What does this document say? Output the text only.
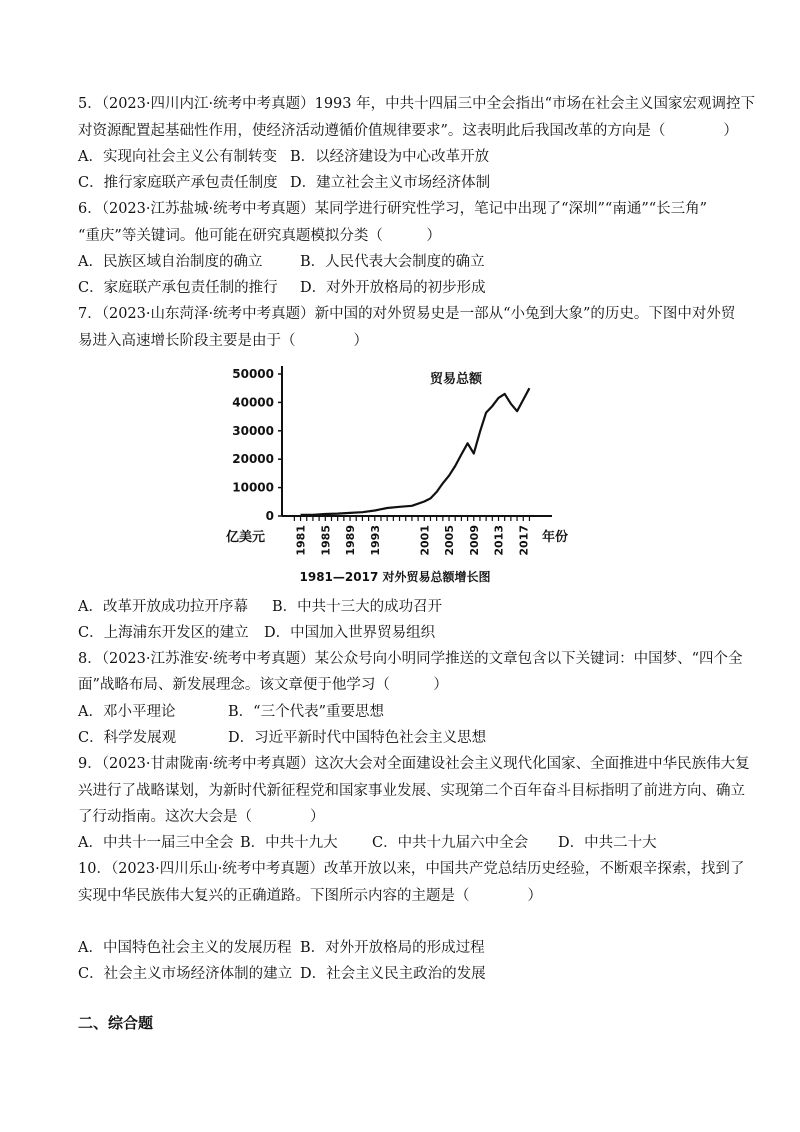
5．（2023·四川内江·统考中考真题）1993 年，中共十四届三中全会指出“市场在社会主义国家宏观调控下
对资源配置起基础性作用，使经济活动遵循价值规律要求”。这表明此后我国改革的方向是（　　　　）
A．实现向社会主义公有制转变 B．以经济建设为中心改革开放
C．推行家庭联产承包责任制度 D．建立社会主义市场经济体制
6．（2023·江苏盐城·统考中考真题）某同学进行研究性学习，笔记中出现了“深圳”“南通”“长三角”
“重庆”等关键词。他可能在研究真题模拟分类（　　　）
A．民族区域自治制度的确立	B．人民代表大会制度的确立
C．家庭联产承包责任制的推行 D．对外开放格局的初步形成
7．（2023·山东菏泽·统考中考真题）新中国的对外贸易史是一部从“小兔到大象”的历史。下图中对外贸
易进入高速增长阶段主要是由于（　　　　）
0
10000
20000
30000
40000
50000
1981 1985 1989 1993	2001 2005 2009 2013 2017
贸易总额
亿美元	年份
1981—2017 对外贸易总额增长图
A．改革开放成功拉开序幕 B．中共十三大的成功召开
C．上海浦东开发区的建立 D．中国加入世界贸易组织
8．（2023·江苏淮安·统考中考真题）某公众号向小明同学推送的文章包含以下关键词：中国梦、“四个全
面”战略布局、新发展理念。该文章便于他学习（　　　）
A．邓小平理论	B．“三个代表”重要思想
C．科学发展观	D．习近平新时代中国特色社会主义思想
9．（2023·甘肃陇南·统考中考真题）这次大会对全面建设社会主义现代化国家、全面推进中华民族伟大复
兴进行了战略谋划，为新时代新征程党和国家事业发展、实现第二个百年奋斗目标指明了前进方向、确立
了行动指南。这次大会是（　　　　）
A．中共十一届三中全会 B．中共十九大 C．中共十九届六中全会 D．中共二十大
10．（2023·四川乐山·统考中考真题）改革开放以来，中国共产党总结历史经验，不断艰辛探索，找到了
实现中华民族伟大复兴的正确道路。下图所示内容的主题是（　　　　）
A．中国特色社会主义的发展历程 B．对外开放格局的形成过程
C．社会主义市场经济体制的建立 D．社会主义民主政治的发展
二、综合题
